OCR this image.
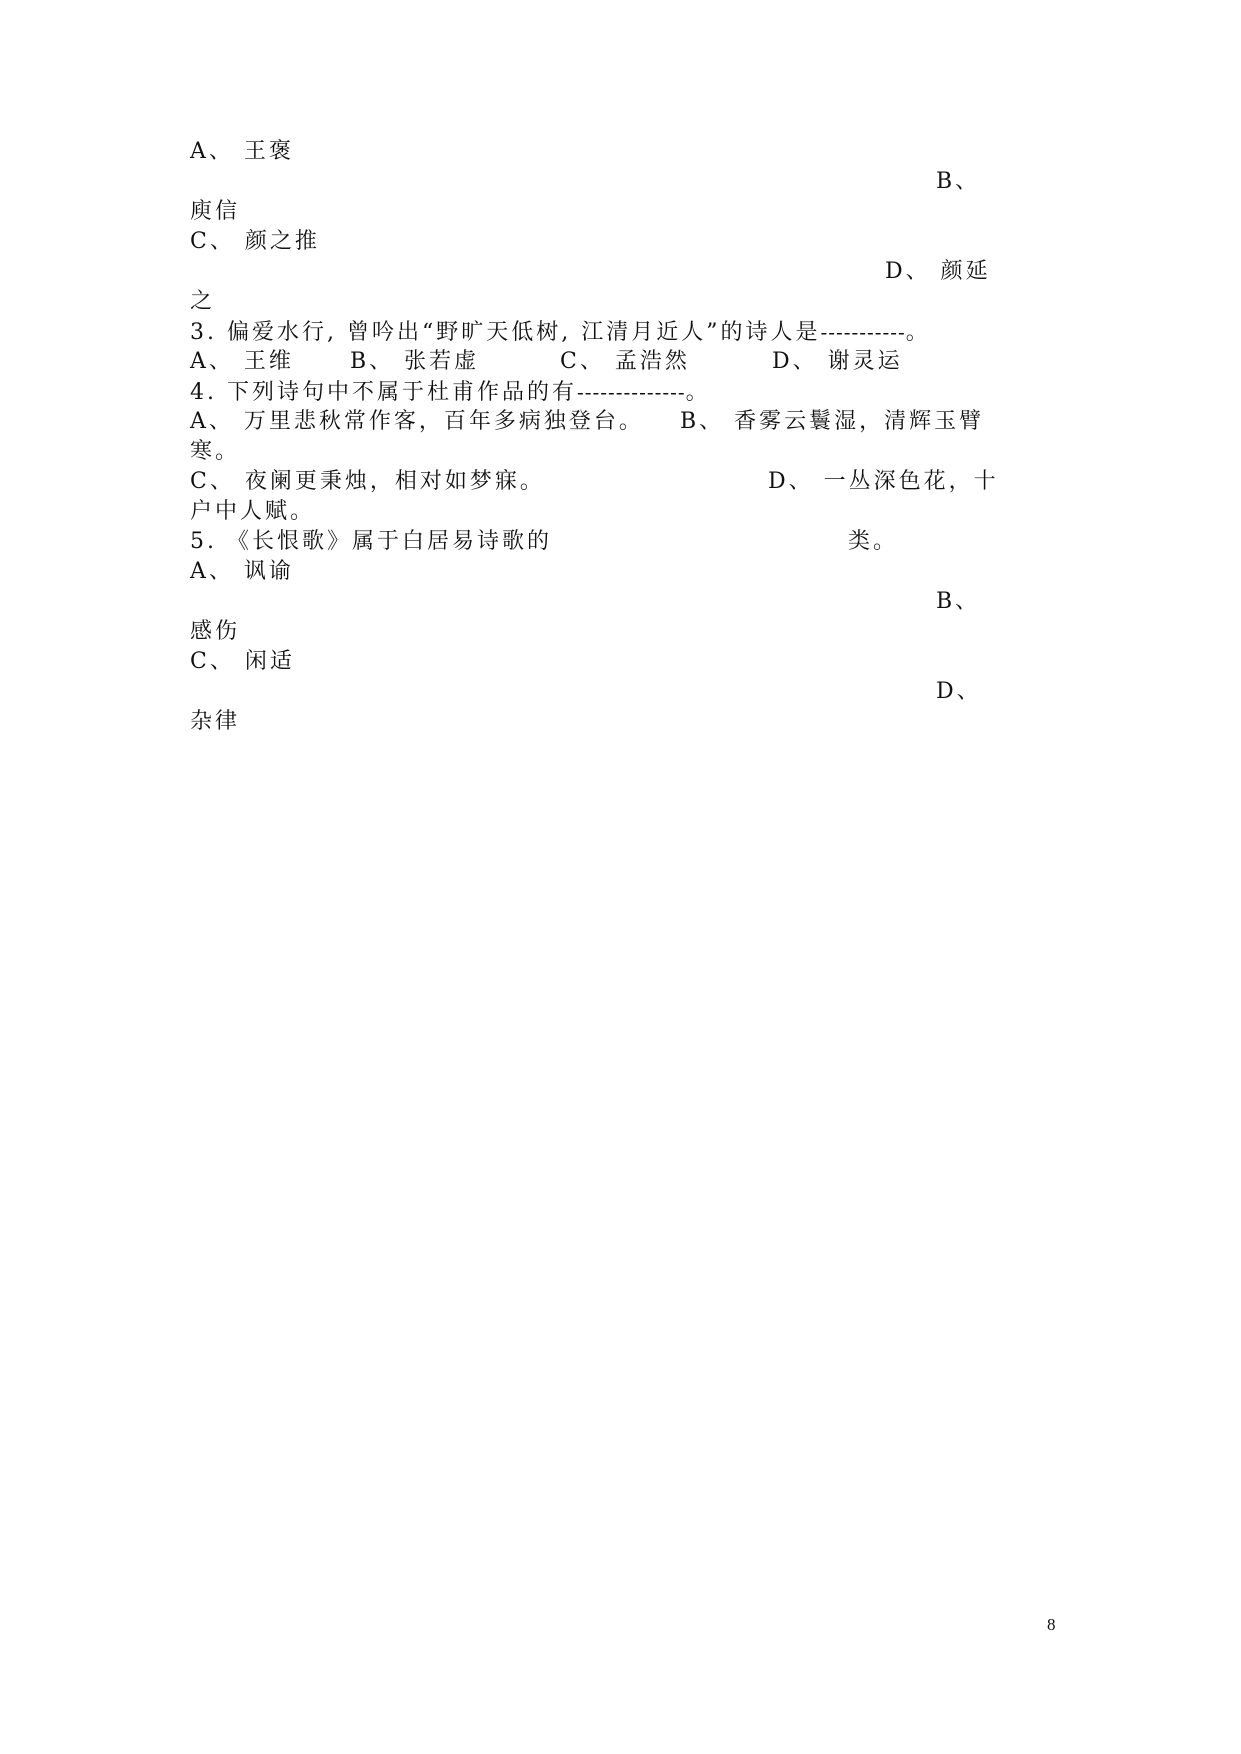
A、 王褒
B、
庾信
C、 颜之推
D、 颜延
之
3. 偏爱水行, 曾吟出“野旷天低树, 江清月近人”的诗人是-----------。
A、 王维	B、 张若虚	C、 孟浩然	D、 谢灵运
4. 下列诗句中不属于杜甫作品的有--------------。
A、 万里悲秋常作客，百年多病独登台。 B、 香雾云鬟湿，清辉玉臂
寒。
C、 夜阑更秉烛，相对如梦寐。	D、 一丛深色花，十
户中人赋。
5. 《长恨歌》属于白居易诗歌的	类。
A、 讽谕
B、
感伤
C、 闲适
D、
杂律
8
